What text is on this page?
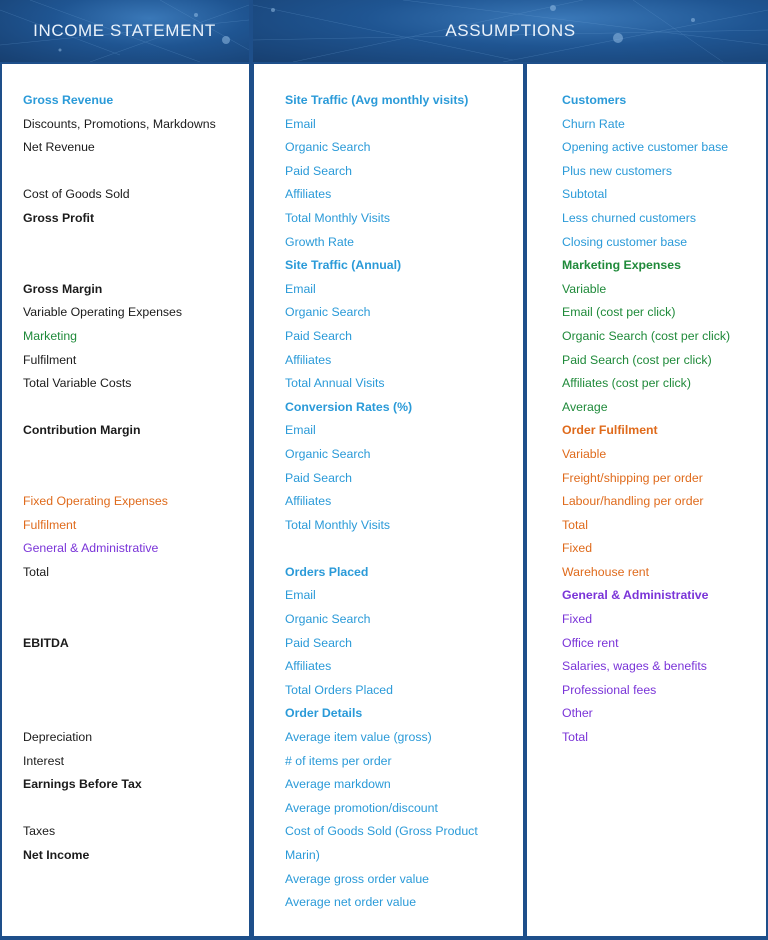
INCOME STATEMENT	ASSUMPTIONS
Gross Revenue
Discounts, Promotions, Markdowns
Net Revenue
Cost of Goods Sold
Gross Profit
Gross Margin
Variable Operating Expenses
Marketing
Fulfilment
Total Variable Costs
Contribution Margin
Fixed Operating Expenses
Fulfilment
General & Administrative
Total
EBITDA
Depreciation
Interest
Earnings Before Tax
Taxes
Net Income
Site Traffic (Avg monthly visits)
Email
Organic Search
Paid Search
Affiliates
Total Monthly Visits
Growth Rate
Site Traffic (Annual)
Email
Organic Search
Paid Search
Affiliates
Total Annual Visits
Conversion Rates (%)
Email
Organic Search
Paid Search
Affiliates
Total Monthly Visits
Orders Placed
Email
Organic Search
Paid Search
Affiliates
Total Orders Placed
Order Details
Average item value (gross)
# of items per order
Average markdown
Average promotion/discount
Cost of Goods Sold (Gross Product
Marin)
Average gross order value
Average net order value
Customers
Churn Rate
Opening active customer base
Plus new customers
Subtotal
Less churned customers
Closing customer base
Marketing Expenses
Variable
Email (cost per click)
Organic Search (cost per click)
Paid Search (cost per click)
Affiliates (cost per click)
Average
Order Fulfilment
Variable
Freight/shipping per order
Labour/handling per order
Total
Fixed
Warehouse rent
General & Administrative
Fixed
Office rent
Salaries, wages & benefits
Professional fees
Other
Total
